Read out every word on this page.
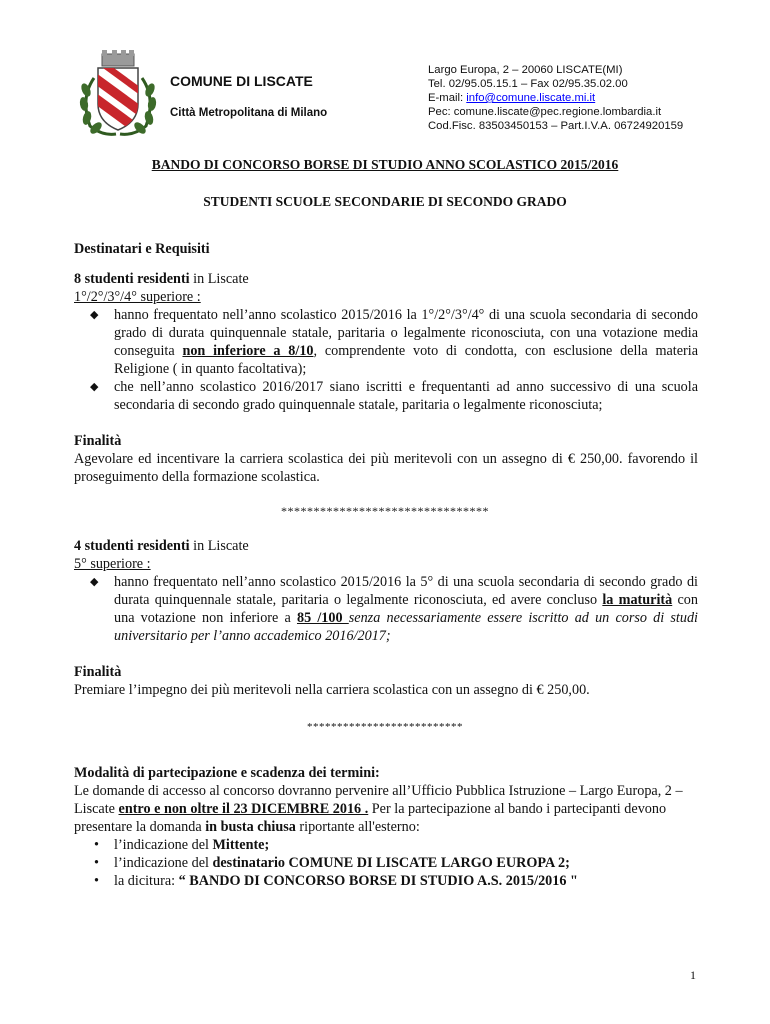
COMUNE DI LISCATE
Città Metropolitana di Milano
Largo Europa, 2 – 20060 LISCATE(MI)
Tel. 02/95.05.15.1 – Fax 02/95.35.02.00
E-mail: info@comune.liscate.mi.it
Pec: comune.liscate@pec.regione.lombardia.it
Cod.Fisc. 83503450153 – Part.I.V.A. 06724920159
BANDO DI CONCORSO BORSE DI STUDIO ANNO SCOLASTICO 2015/2016
STUDENTI SCUOLE SECONDARIE DI SECONDO GRADO
Destinatari e Requisiti
8 studenti residenti in Liscate
1°/2°/3°/4° superiore :
◆ hanno frequentato nell’anno scolastico 2015/2016 la 1°/2°/3°/4° di una scuola secondaria di secondo grado di durata quinquennale statale, paritaria o legalmente riconosciuta, con una votazione media conseguita non inferiore a 8/10, comprendente voto di condotta, con esclusione della materia Religione ( in quanto facoltativa);
◆ che nell’anno scolastico 2016/2017 siano iscritti e frequentanti ad anno successivo di una scuola secondaria di secondo grado quinquennale statale, paritaria o legalmente riconosciuta;
Finalità
Agevolare ed incentivare la carriera scolastica dei più meritevoli con un assegno di € 250,00. favorendo il proseguimento della formazione scolastica.
********************************
4 studenti residenti in Liscate
5° superiore :
◆ hanno frequentato nell’anno scolastico 2015/2016 la 5° di una scuola secondaria di secondo grado di durata quinquennale statale, paritaria o legalmente riconosciuta, ed avere concluso la maturità con una votazione non inferiore a 85 /100 senza necessariamente essere iscritto ad un corso di studi universitario per l’anno accademico 2016/2017;
Finalità
Premiare l’impegno dei più meritevoli nella carriera scolastica con un assegno di € 250,00.
**************************
Modalità di partecipazione e scadenza dei termini:
Le domande di accesso al concorso dovranno pervenire all’Ufficio Pubblica Istruzione – Largo Europa, 2 – Liscate entro e non oltre il 23 DICEMBRE 2016 . Per la partecipazione al bando i partecipanti devono presentare la domanda in busta chiusa riportante all'esterno:
• l’indicazione del Mittente;
• l’indicazione del destinatario COMUNE DI LISCATE LARGO EUROPA 2;
• la dicitura: “ BANDO DI CONCORSO BORSE DI STUDIO A.S. 2015/2016 "
1
